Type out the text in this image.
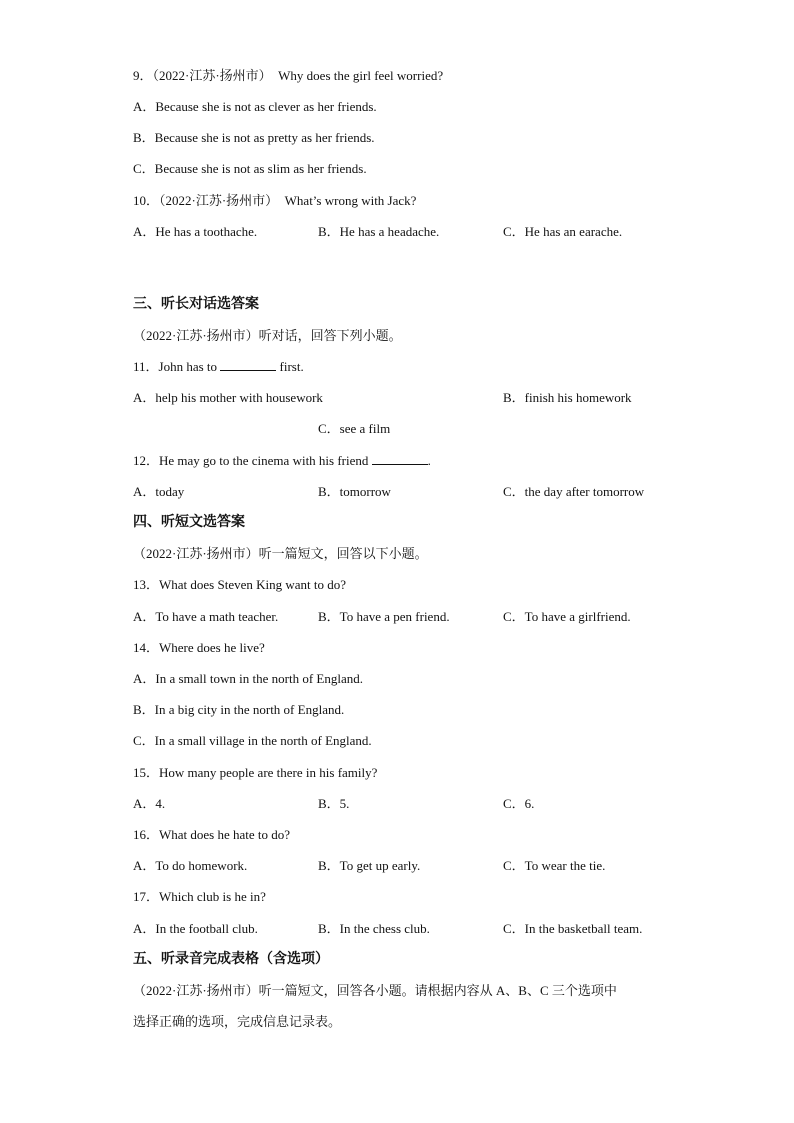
9．（2022·江苏·扬州市）　Why does the girl feel worried?
A．Because she is not as clever as her friends.
B．Because she is not as pretty as her friends.
C．Because she is not as slim as her friends.
10．（2022·江苏·扬州市）　What’s wrong with Jack?
A．He has a toothache.	B．He has a headache.	C．He has an earache.
三、听长对话选答案
（2022·江苏·扬州市）听对话，回答下列小题。
11．John has to	first.
A．help his mother with housework	B．finish his homework
C．see a film
12．He may go to the cinema with his friend	.
A．today	B．tomorrow	C．the day after tomorrow
四、听短文选答案
（2022·江苏·扬州市）听一篇短文，回答以下小题。
13．What does Steven King want to do?
A．To have a math teacher.	B．To have a pen friend.	C．To have a girlfriend.
14．Where does he live?
A．In a small town in the north of England.
B．In a big city in the north of England.
C．In a small village in the north of England.
15．How many people are there in his family?
A．4.	B．5.	C．6.
16．What does he hate to do?
A．To do homework.	B．To get up early.	C．To wear the tie.
17．Which club is he in?
A．In the football club.	B．In the chess club.	C．In the basketball team.
五、听录音完成表格（含选项）
（2022·江苏·扬州市）听一篇短文，回答各小题。请根据内容从 A、B、C 三个选项中
选择正确的选项，完成信息记录表。
